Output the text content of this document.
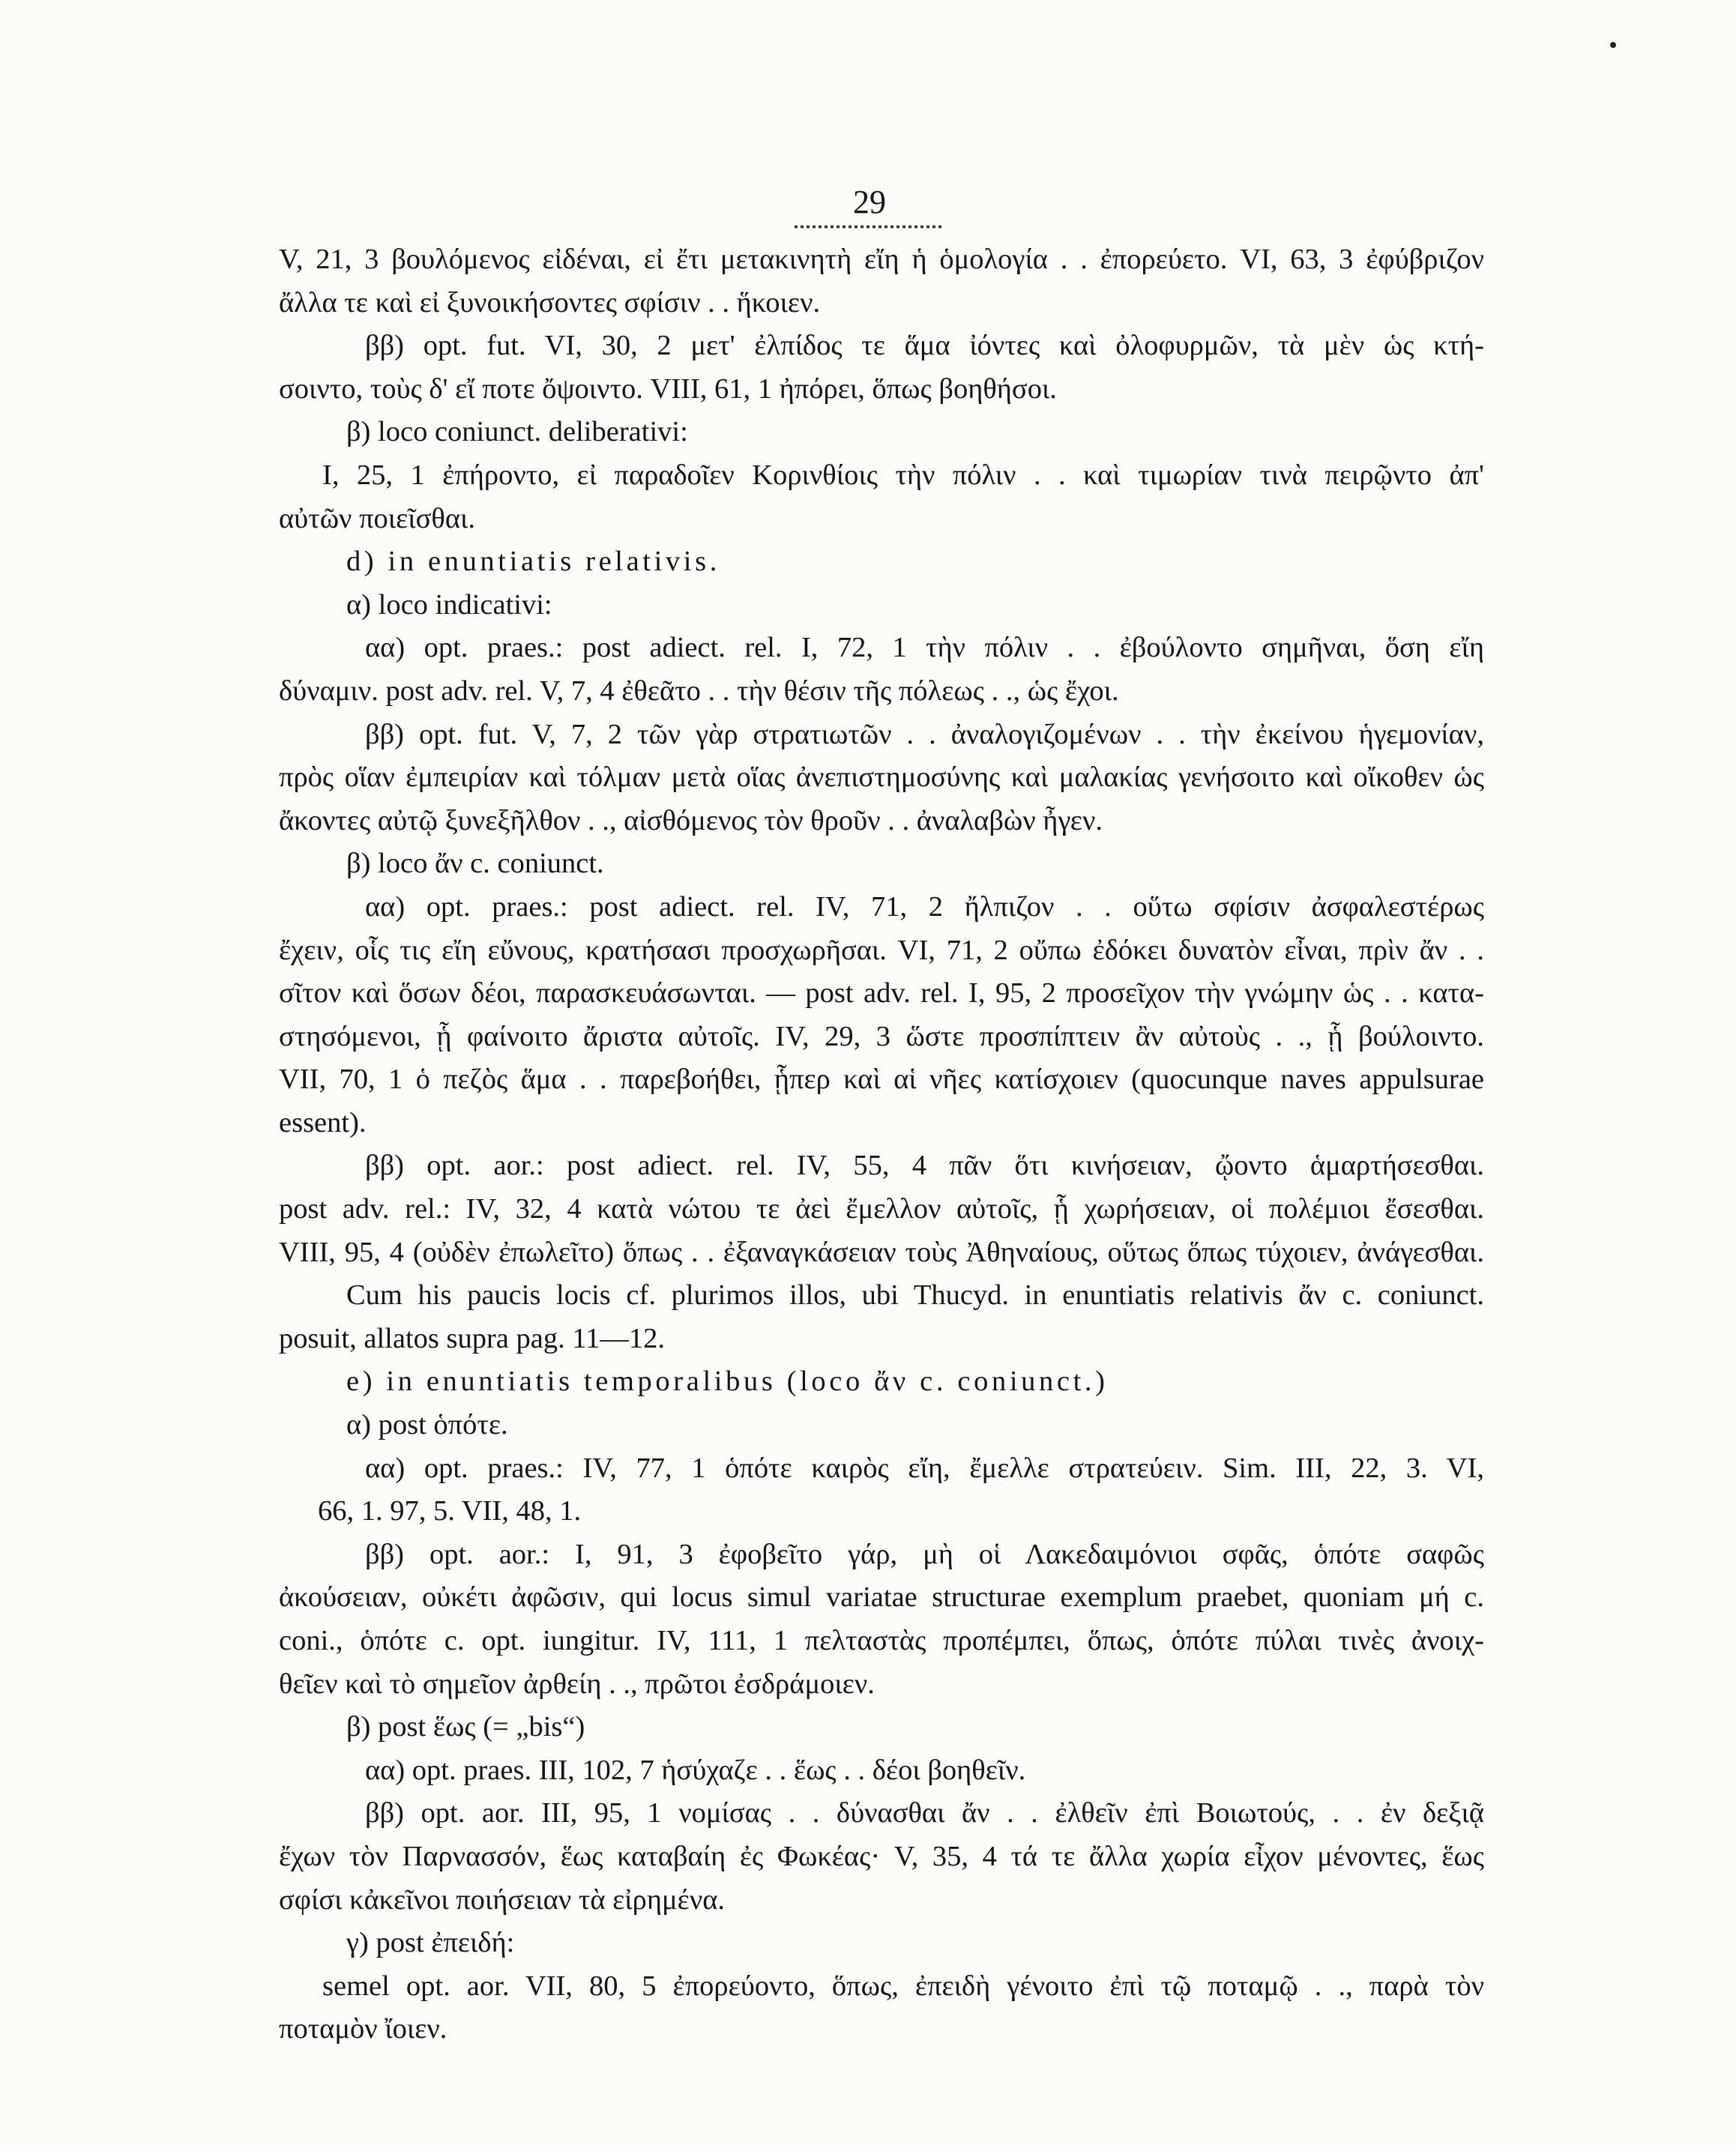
29
V, 21, 3 βουλόμενος εἰδέναι, εἰ ἔτι μετακινητὴ εἴη ἡ ὁμολογία . . ἐπορεύετο. VI, 63, 3 ἐφύβριζον
ἄλλα τε καὶ εἰ ξυνοικήσοντες σφίσιν . . ἥκοιεν.
ββ) opt. fut. VI, 30, 2 μετ' ἐλπίδος τε ἅμα ἰόντες καὶ ὀλοφυρμῶν, τὰ μὲν ὡς κτή-
σοιντο, τοὺς δ' εἴ ποτε ὄψοιντο. VIII, 61, 1 ἠπόρει, ὅπως βοηθήσοι.
β) loco coniunct. deliberativi:
I, 25, 1 ἐπήροντο, εἰ παραδοῖεν Κορινθίοις τὴν πόλιν . . καὶ τιμωρίαν τινὰ πειρῷντο ἀπ'
αὐτῶν ποιεῖσθαι.
d) in enuntiatis relativis.
α) loco indicativi:
αα) opt. praes.: post adiect. rel. I, 72, 1 τὴν πόλιν . . ἐβούλοντο σημῆναι, ὅση εἴη
δύναμιν. post adv. rel. V, 7, 4 ἐθεᾶτο . . τὴν θέσιν τῆς πόλεως . ., ὡς ἔχοι.
ββ) opt. fut. V, 7, 2 τῶν γὰρ στρατιωτῶν . . ἀναλογιζομένων . . τὴν ἐκείνου ἡγεμονίαν,
πρὸς οἵαν ἐμπειρίαν καὶ τόλμαν μετὰ οἵας ἀνεπιστημοσύνης καὶ μαλακίας γενήσοιτο καὶ οἴκοθεν ὡς
ἄκοντες αὐτῷ ξυνεξῆλθον . ., αἰσθόμενος τὸν θροῦν . . ἀναλαβὼν ἦγεν.
β) loco ἄν c. coniunct.
αα) opt. praes.: post adiect. rel. IV, 71, 2 ἤλπιζον . . οὕτω σφίσιν ἀσφαλεστέρως
ἔχειν, οἷς τις εἴη εὔνους, κρατήσασι προσχωρῆσαι. VI, 71, 2 οὔπω ἐδόκει δυνατὸν εἶναι, πρὶν ἄν . .
σῖτον καὶ ὅσων δέοι, παρασκευάσωνται. — post adv. rel. I, 95, 2 προσεῖχον τὴν γνώμην ὡς . . κατα-
στησόμενοι, ᾗ φαίνοιτο ἄριστα αὐτοῖς. IV, 29, 3 ὥστε προσπίπτειν ἂν αὐτοὺς . ., ᾗ βούλοιντο.
VII, 70, 1 ὁ πεζὸς ἅμα . . παρεβοήθει, ᾗπερ καὶ αἱ νῆες κατίσχοιεν (quocunque naves appulsurae
essent).
ββ) opt. aor.: post adiect. rel. IV, 55, 4 πᾶν ὅτι κινήσειαν, ᾤοντο ἁμαρτήσεσθαι.
post adv. rel.: IV, 32, 4 κατὰ νώτου τε ἀεὶ ἔμελλον αὐτοῖς, ᾗ χωρήσειαν, οἱ πολέμιοι ἔσεσθαι.
VIII, 95, 4 (οὐδὲν ἐπωλεῖτο) ὅπως . . ἐξαναγκάσειαν τοὺς Ἀθηναίους, οὕτως ὅπως τύχοιεν, ἀνάγεσθαι.
Cum his paucis locis cf. plurimos illos, ubi Thucyd. in enuntiatis relativis ἄν c. coniunct.
posuit, allatos supra pag. 11—12.
e) in enuntiatis temporalibus (loco ἄν c. coniunct.)
α) post ὁπότε.
αα) opt. praes.: IV, 77, 1 ὁπότε καιρὸς εἴη, ἔμελλε στρατεύειν. Sim. III, 22, 3. VI,
66, 1. 97, 5. VII, 48, 1.
ββ) opt. aor.: I, 91, 3 ἐφοβεῖτο γάρ, μὴ οἱ Λακεδαιμόνιοι σφᾶς, ὁπότε σαφῶς
ἀκούσειαν, οὐκέτι ἀφῶσιν, qui locus simul variatae structurae exemplum praebet, quoniam μή c.
coni., ὁπότε c. opt. iungitur. IV, 111, 1 πελταστὰς προπέμπει, ὅπως, ὁπότε πύλαι τινὲς ἀνοιχ-
θεῖεν καὶ τὸ σημεῖον ἀρθείη . ., πρῶτοι ἐσδράμοιεν.
β) post ἕως (= „bis“)
αα) opt. praes. III, 102, 7 ἡσύχαζε . . ἕως . . δέοι βοηθεῖν.
ββ) opt. aor. III, 95, 1 νομίσας . . δύνασθαι ἄν . . ἐλθεῖν ἐπὶ Βοιωτούς, . . ἐν δεξιᾷ
ἔχων τὸν Παρνασσόν, ἕως καταβαίη ἐς Φωκέας· V, 35, 4 τά τε ἄλλα χωρία εἶχον μένοντες, ἕως
σφίσι κἀκεῖνοι ποιήσειαν τὰ εἰρημένα.
γ) post ἐπειδή:
semel opt. aor. VII, 80, 5 ἐπορεύοντο, ὅπως, ἐπειδὴ γένοιτο ἐπὶ τῷ ποταμῷ . ., παρὰ τὸν
ποταμὸν ἴοιεν.
